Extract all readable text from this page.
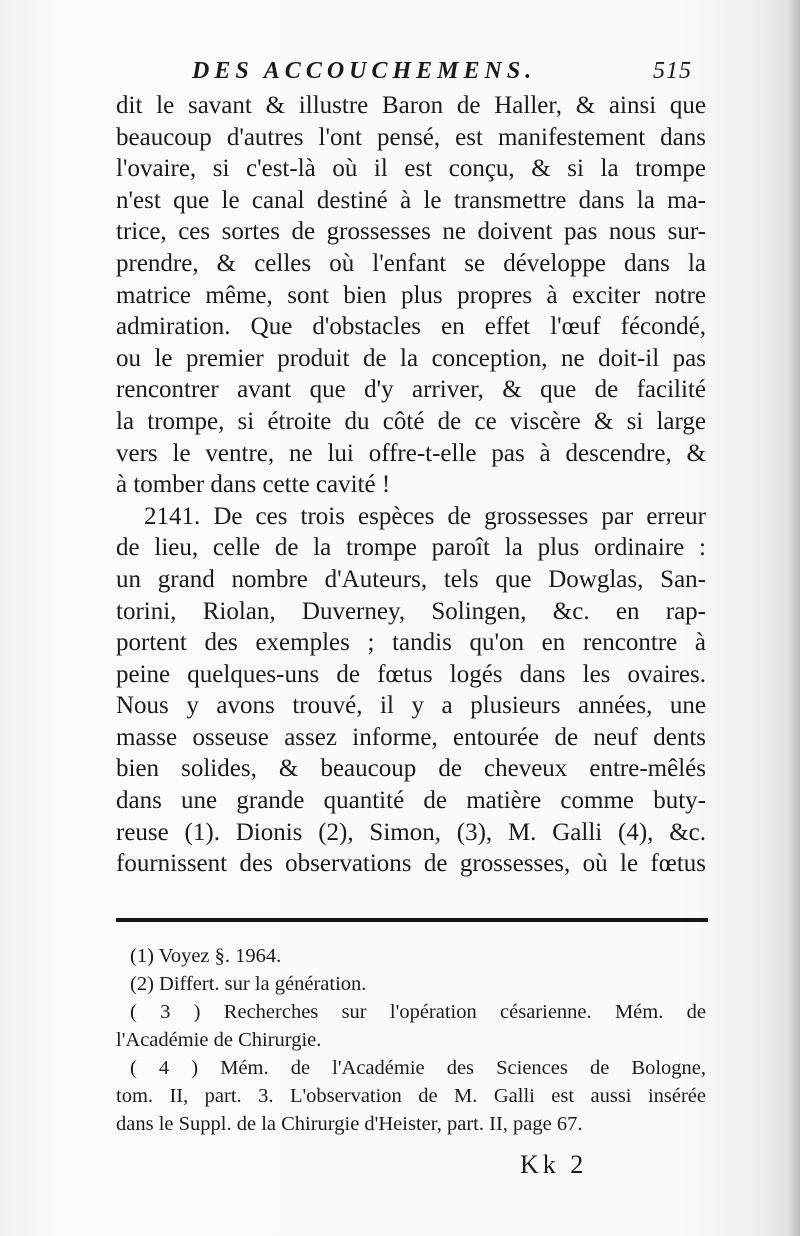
DES ACCOUCHEMENS.	515
dit le savant & illustre Baron de Haller, & ainsi que
beaucoup d'autres l'ont pensé, est manifestement dans
l'ovaire, si c'est-là où il est conçu, & si la trompe
n'est que le canal destiné à le transmettre dans la ma-
trice, ces sortes de grossesses ne doivent pas nous sur-
prendre, & celles où l'enfant se développe dans la
matrice même, sont bien plus propres à exciter notre
admiration. Que d'obstacles en effet l'œuf fécondé,
ou le premier produit de la conception, ne doit-il pas
rencontrer avant que d'y arriver, & que de facilité
la trompe, si étroite du côté de ce viscère & si large
vers le ventre, ne lui offre-t-elle pas à descendre, &
à tomber dans cette cavité !
2141. De ces trois espèces de grossesses par erreur
de lieu, celle de la trompe paroît la plus ordinaire :
un grand nombre d'Auteurs, tels que Dowglas, San-
torini, Riolan, Duverney, Solingen, &c. en rap-
portent des exemples ; tandis qu'on en rencontre à
peine quelques-uns de fœtus logés dans les ovaires.
Nous y avons trouvé, il y a plusieurs années, une
masse osseuse assez informe, entourée de neuf dents
bien solides, & beaucoup de cheveux entre-mêlés
dans une grande quantité de matière comme buty-
reuse (1). Dionis (2), Simon, (3), M. Galli (4), &c.
fournissent des observations de grossesses, où le fœtus
(1) Voyez §. 1964.
(2) Differt. sur la génération.
( 3 ) Recherches sur l'opération césarienne. Mém. de
l'Académie de Chirurgie.
( 4 ) Mém. de l'Académie des Sciences de Bologne,
tom. II, part. 3. L'observation de M. Galli est aussi insérée
dans le Suppl. de la Chirurgie d'Heister, part. II, page 67.
Kk 2
